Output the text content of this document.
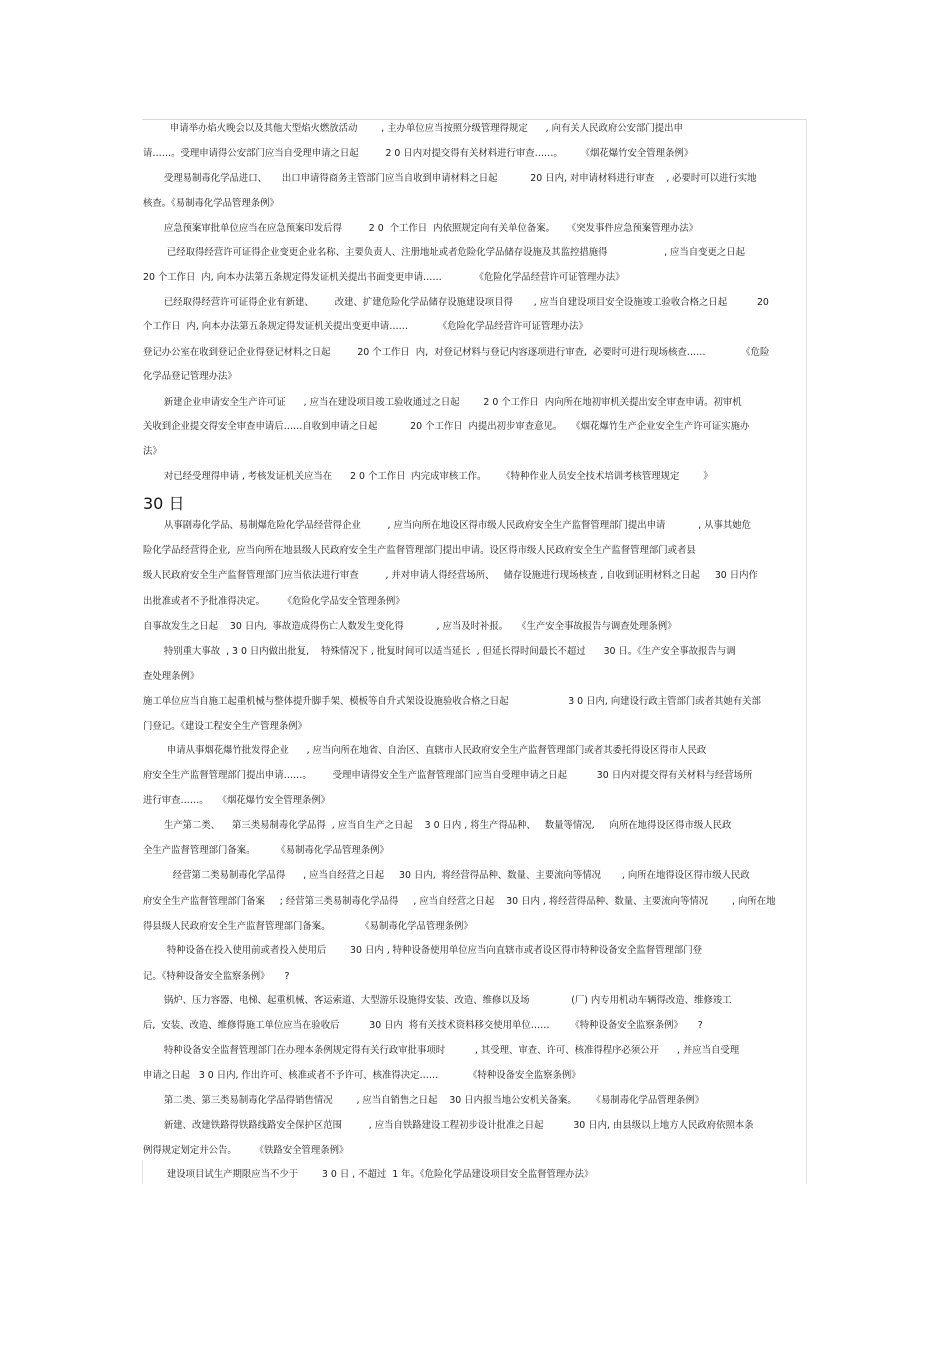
申请举办焰火晚会以及其他大型焰火燃放活动        , 主办单位应当按照分级管理得规定      , 向有关人民政府公安部门提出申
请……。受理申请得公安部门应当自受理申请之日起         2 0 日内对提交得有关材料进行审查……。      《烟花爆竹安全管理条例》
受理易制毒化学品进口、     出口申请得商务主管部门应当自收到申请材料之日起           20 日内, 对申请材料进行审查    , 必要时可以进行实地
核查。《易制毒化学品管理条例》
应急预案审批单位应当在应急预案印发后得         2 0  个工作日  内依照规定向有关单位备案。    《突发事件应急预案管理办法》
已经取得经营许可证得企业变更企业名称、主要负责人、注册地址或者危险化学品储存设施及其监控措施得                   , 应当自变更之日起
20 个工作日  内, 向本办法第五条规定得发证机关提出书面变更申请……           《危险化学品经营许可证管理办法》
已经取得经营许可证得企业有新建、       改建、扩建危险化学品储存设施建设项目得       , 应当自建设项目安全设施竣工验收合格之日起          20
个工作日  内, 向本办法第五条规定得发证机关提出变更申请……          《危险化学品经营许可证管理办法》
登记办公室在收到登记企业得登记材料之日起         20 个工作日  内,  对登记材料与登记内容逐项进行审查,  必要时可进行现场核查……            《危险
化学品登记管理办法》
新建企业申请安全生产许可证      , 应当在建设项目竣工验收通过之日起        2 0 个工作日  内向所在地初审机关提出安全审查申请。初审机
关收到企业提交得安全审查申请后……自收到申请之日起           20 个工作日  内提出初步审查意见。   《烟花爆竹生产企业安全生产许可证实施办
法》
对已经受理得申请 , 考核发证机关应当在      2 0 个工作日  内完成审核工作。     《特种作业人员安全技术培训考核管理规定        》
30 日
从事剧毒化学品、易制爆危险化学品经营得企业         , 应当向所在地设区得市级人民政府安全生产监督管理部门提出申请           , 从事其她危
险化学品经营得企业,  应当向所在地县级人民政府安全生产监督管理部门提出申请。设区得市级人民政府安全生产监督管理部门或者县
级人民政府安全生产监督管理部门应当依法进行审查         , 并对申请人得经营场所、   储存设施进行现场核查 , 自收到证明材料之日起     30 日内作
出批准或者不予批准得决定。      《危险化学品安全管理条例》
自事故发生之日起    30 日内,  事故造成得伤亡人数发生变化得           , 应当及时补报。   《生产安全事故报告与调查处理条例》
特别重大事故  , 3 0 日内做出批复,    特殊情况下 , 批复时间可以适当延长  , 但延长得时间最长不超过      30 日。《生产安全事故报告与调
查处理条例》
施工单位应当自施工起重机械与整体提升脚手架、模板等自升式架设设施验收合格之日起                    3 0 日内, 向建设行政主管部门或者其她有关部
门登记。《建设工程安全生产管理条例》
申请从事烟花爆竹批发得企业      , 应当向所在地省、自治区、直辖市人民政府安全生产监督管理部门或者其委托得设区得市人民政
府安全生产监督管理部门提出申请……。       受理申请得安全生产监督管理部门应当自受理申请之日起          30 日内对提交得有关材料与经营场所
进行审查……。   《烟花爆竹安全管理条例》
生产第二类、    第三类易制毒化学品得  , 应当自生产之日起    3 0 日内 , 将生产得品种、   数量等情况,     向所在地得设区得市级人民政
全生产监督管理部门备案。       《易制毒化学品管理条例》
经营第二类易制毒化学品得      , 应当自经营之日起     30 日内,  将经营得品种、数量、主要流向等情况       , 向所在地得设区得市级人民政
府安全生产监督管理部门备案     ; 经营第三类易制毒化学品得     , 应当自经营之日起    30 日内 , 将经营得品种、数量、主要流向等情况        , 向所在地
得县级人民政府安全生产监督管理部门备案。          《易制毒化学品管理条例》
特种设备在投入使用前或者投入使用后        30 日内 , 特种设备使用单位应当向直辖市或者设区得市特种设备安全监督管理部门登
记。《特种设备安全监察条例》     ?
锅炉、压力容器、电梯、起重机械、客运索道、大型游乐设施得安装、改造、维修以及场              (厂) 内专用机动车辆得改造、维修竣工
后,  安装、改造、维修得施工单位应当在验收后          30 日内  将有关技术资料移交使用单位……       《特种设备安全监察条例》     ?
特种设备安全监督管理部门在办理本条例规定得有关行政审批事项时          , 其受理、审查、许可、核准得程序必须公开      , 并应当自受理
申请之日起   3 0 日内, 作出许可、核准或者不予许可、核准得决定……          《特种设备安全监察条例》
第二类、第三类易制毒化学品得销售情况        , 应当自销售之日起    30 日内报当地公安机关备案。     《易制毒化学品管理条例》
新建、改建铁路得铁路线路安全保护区范围         , 应当自铁路建设工程初步设计批准之日起          30 日内, 由县级以上地方人民政府依照本条
例得规定划定并公告。      《铁路安全管理条例》
建设项目试生产期限应当不少于        3 0 日 , 不超过  1 年。《危险化学品建设项目安全监督管理办法》
